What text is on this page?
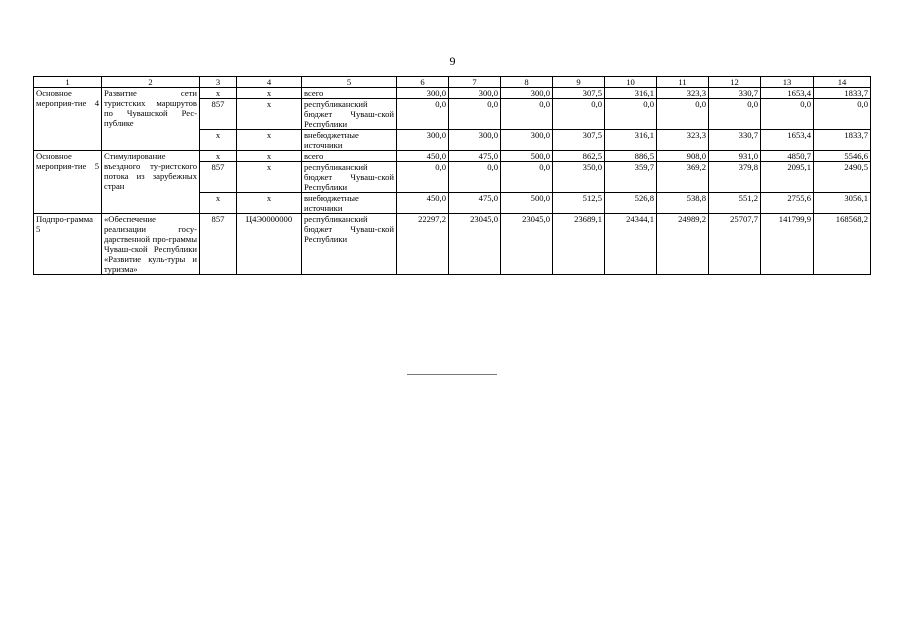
9
1	2	3	4	5	6	7	8	9	10	11	12	13	14
Основное мероприя-тие 4	Развитие сети туристских маршрутов по Чувашской Рес-публике	х	х	всего	300,0	300,0	300,0	307,5	316,1	323,3	330,7	1653,4	1833,7
		857	х	республиканский бюджет Чуваш-ской Республики	0,0	0,0	0,0	0,0	0,0	0,0	0,0	0,0	0,0
		х	х	внебюджетные источники	300,0	300,0	300,0	307,5	316,1	323,3	330,7	1653,4	1833,7
Основное мероприя-тие 5	Стимулирование въездного ту-ристского потока из зарубежных стран	х	х	всего	450,0	475,0	500,0	862,5	886,5	908,0	931,0	4850,7	5546,6
		857	х	республиканский бюджет Чуваш-ской Республики	0,0	0,0	0,0	350,0	359,7	369,2	379,8	2095,1	2490,5
		х	х	внебюджетные источники	450,0	475,0	500,0	512,5	526,8	538,8	551,2	2755,6	3056,1
Подпро-грамма 5	«Обеспечение реализации госу-дарственной про-граммы Чуваш-ской Республики «Развитие куль-туры и туризма»	857	Ц4Э0000000	республиканский бюджет Чуваш-ской Республики	22297,2	23045,0	23045,0	23689,1	24344,1	24989,2	25707,7	141799,9	168568,2
